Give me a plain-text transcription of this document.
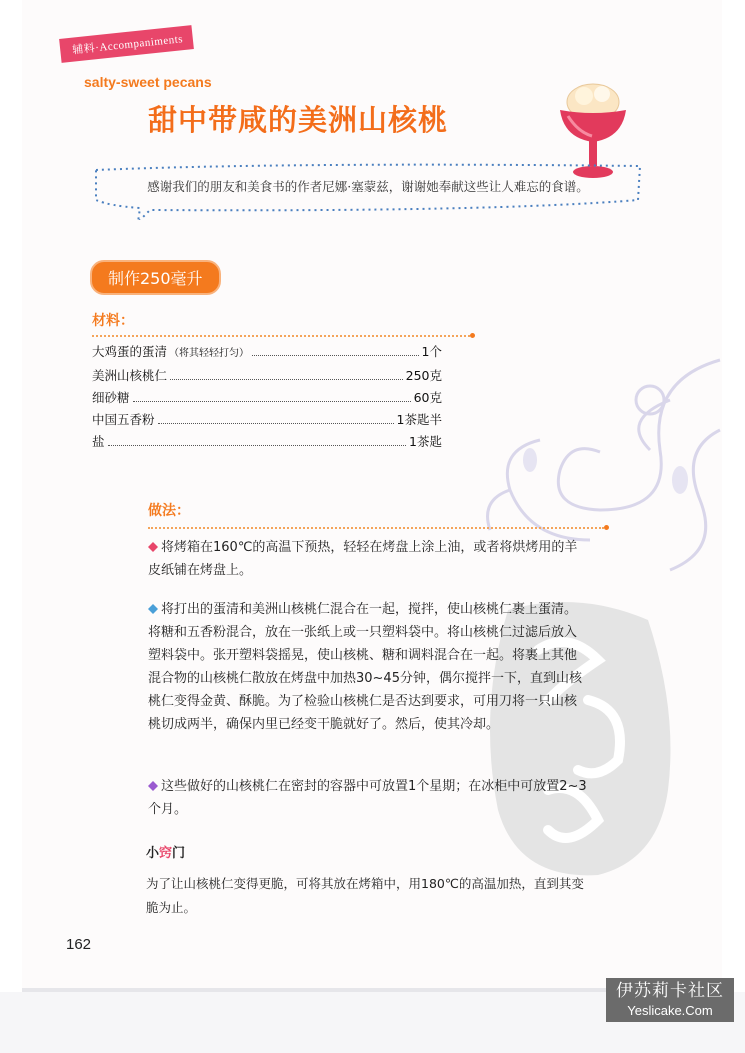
辅料·Accompaniments
salty-sweet pecans
甜中带咸的美洲山核桃
感谢我们的朋友和美食书的作者尼娜·塞蒙兹，谢谢她奉献这些让人难忘的食谱。
制作250毫升
材料：
大鸡蛋的蛋清 （将其轻轻打匀）	1个
美洲山核桃仁	250克
细砂糖	60克
中国五香粉	1茶匙半
盐	1茶匙
做法：
将烤箱在160℃的高温下预热，轻轻在烤盘上涂上油，或者将烘烤用的羊皮纸铺在烤盘上。
将打出的蛋清和美洲山核桃仁混合在一起，搅拌，使山核桃仁裹上蛋清。将糖和五香粉混合，放在一张纸上或一只塑料袋中。将山核桃仁过滤后放入塑料袋中。张开塑料袋摇晃，使山核桃、糖和调料混合在一起。将裹上其他混合物的山核桃仁散放在烤盘中加热30~45分钟，偶尔搅拌一下，直到山核桃仁变得金黄、酥脆。为了检验山核桃仁是否达到要求，可用刀将一只山核桃切成两半，确保内里已经变干脆就好了。然后，使其冷却。
这些做好的山核桃仁在密封的容器中可放置1个星期；在冰柜中可放置2~3个月。
小窍门
为了让山核桃仁变得更脆，可将其放在烤箱中，用180℃的高温加热，直到其变脆为止。
162
伊苏莉卡社区
Yeslicake.Com
